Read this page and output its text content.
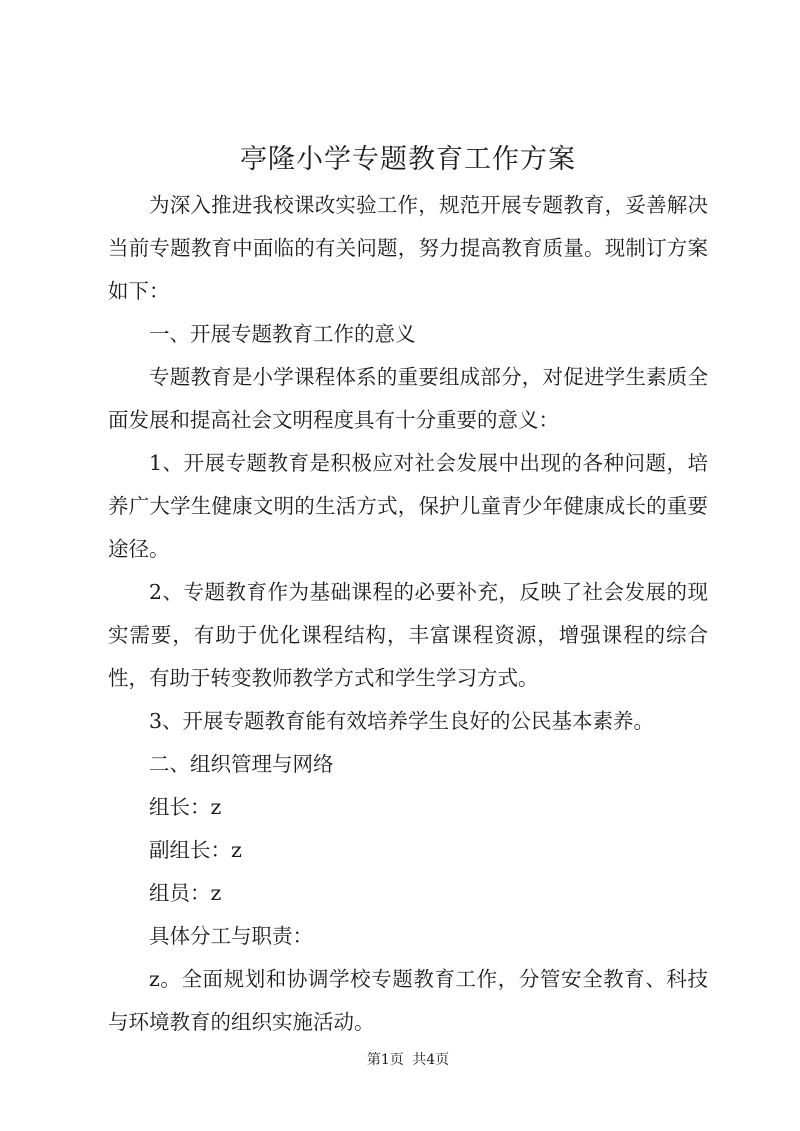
亭隆小学专题教育工作方案

为深入推进我校课改实验工作，规范开展专题教育，妥善解决当前专题教育中面临的有关问题，努力提高教育质量。现制订方案如下：

一、开展专题教育工作的意义

专题教育是小学课程体系的重要组成部分，对促进学生素质全面发展和提高社会文明程度具有十分重要的意义：

1、开展专题教育是积极应对社会发展中出现的各种问题，培养广大学生健康文明的生活方式，保护儿童青少年健康成长的重要途径。

2、专题教育作为基础课程的必要补充，反映了社会发展的现实需要，有助于优化课程结构，丰富课程资源，增强课程的综合性，有助于转变教师教学方式和学生学习方式。

3、开展专题教育能有效培养学生良好的公民基本素养。

二、组织管理与网络

组长：z

副组长：z

组员：z

具体分工与职责：

z。全面规划和协调学校专题教育工作，分管安全教育、科技与环境教育的组织实施活动。

第1页 共4页
